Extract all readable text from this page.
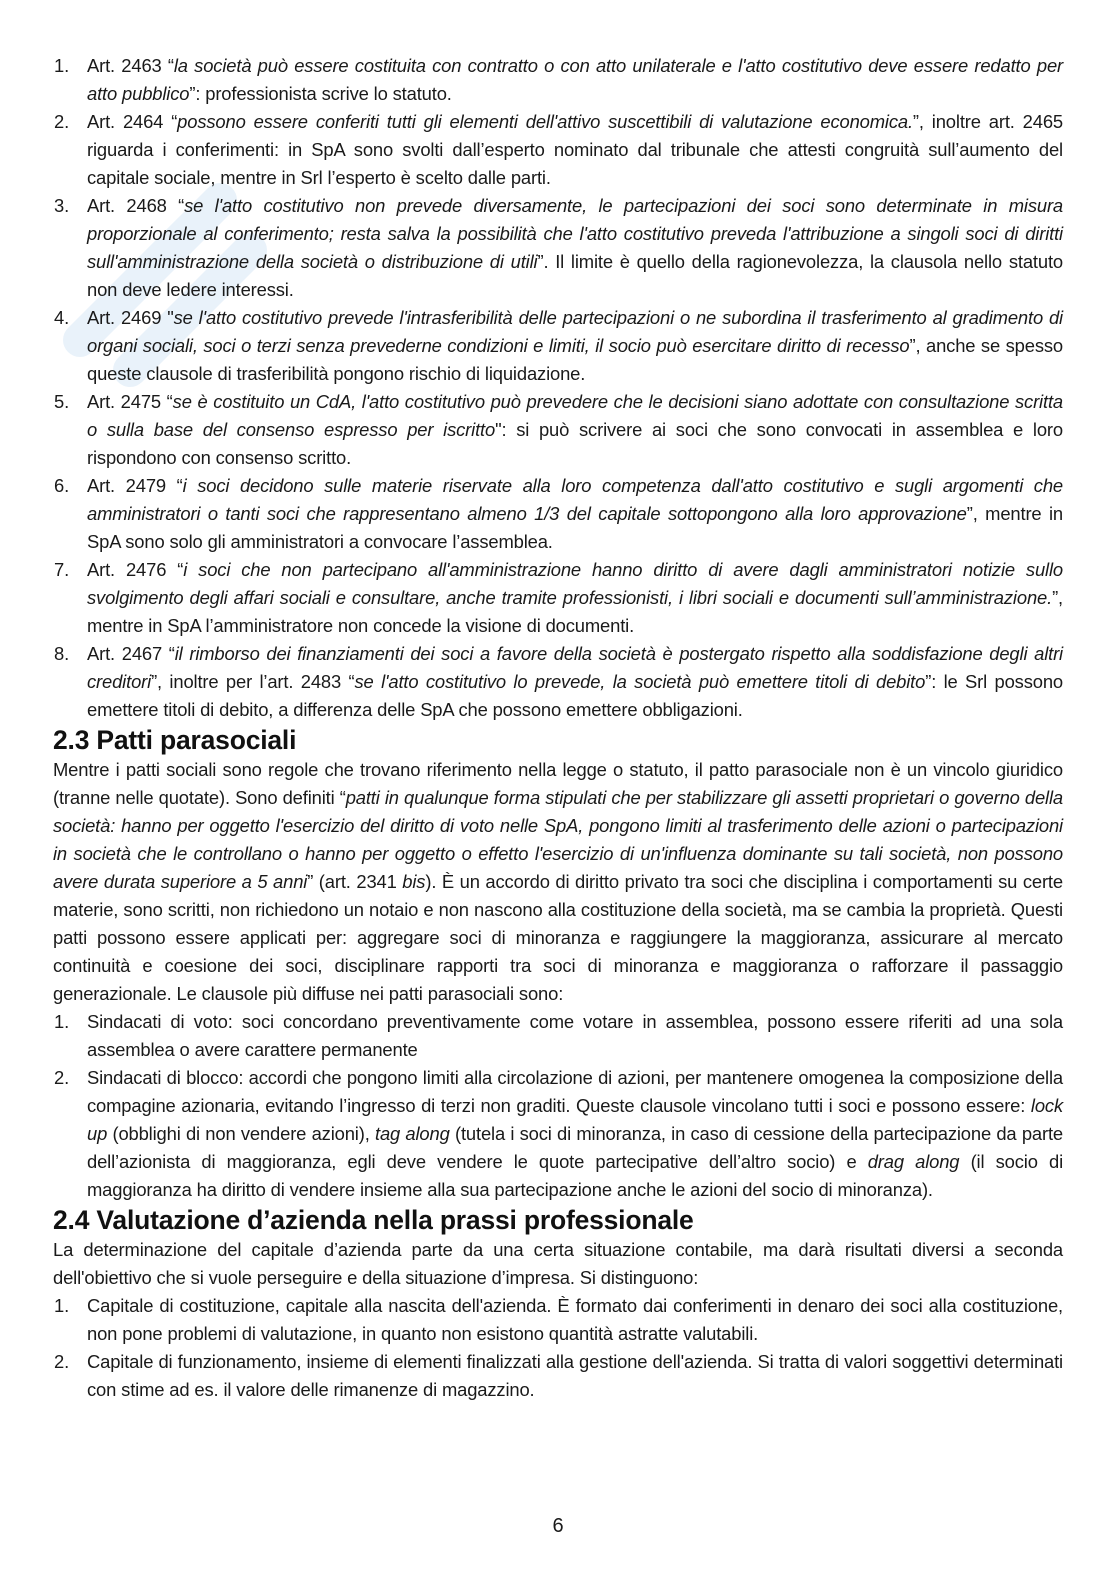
1. Art. 2463 “la società può essere costituita con contratto o con atto unilaterale e l'atto costitutivo deve essere redatto per atto pubblico”: professionista scrive lo statuto.
2. Art. 2464 “possono essere conferiti tutti gli elementi dell'attivo suscettibili di valutazione economica.”, inoltre art. 2465 riguarda i conferimenti: in SpA sono svolti dall’esperto nominato dal tribunale che attesti congruità sull’aumento del capitale sociale, mentre in Srl l’esperto è scelto dalle parti.
3. Art. 2468 “se l'atto costitutivo non prevede diversamente, le partecipazioni dei soci sono determinate in misura proporzionale al conferimento; resta salva la possibilità che l'atto costitutivo preveda l'attribuzione a singoli soci di diritti sull'amministrazione della società o distribuzione di utili”. Il limite è quello della ragionevolezza, la clausola nello statuto non deve ledere interessi.
4. Art. 2469 "se l'atto costitutivo prevede l'intrasferibilità delle partecipazioni o ne subordina il trasferimento al gradimento di organi sociali, soci o terzi senza prevederne condizioni e limiti, il socio può esercitare diritto di recesso”, anche se spesso queste clausole di trasferibilità pongono rischio di liquidazione.
5. Art. 2475 “se è costituito un CdA, l'atto costitutivo può prevedere che le decisioni siano adottate con consultazione scritta o sulla base del consenso espresso per iscritto": si può scrivere ai soci che sono convocati in assemblea e loro rispondono con consenso scritto.
6. Art. 2479 “i soci decidono sulle materie riservate alla loro competenza dall'atto costitutivo e sugli argomenti che amministratori o tanti soci che rappresentano almeno 1/3 del capitale sottopongono alla loro approvazione”, mentre in SpA sono solo gli amministratori a convocare l’assemblea.
7. Art. 2476 “i soci che non partecipano all'amministrazione hanno diritto di avere dagli amministratori notizie sullo svolgimento degli affari sociali e consultare, anche tramite professionisti, i libri sociali e documenti sull’amministrazione.”, mentre in SpA l’amministratore non concede la visione di documenti.
8. Art. 2467 “il rimborso dei finanziamenti dei soci a favore della società è postergato rispetto alla soddisfazione degli altri creditori”, inoltre per l’art. 2483 “se l'atto costitutivo lo prevede, la società può emettere titoli di debito”: le Srl possono emettere titoli di debito, a differenza delle SpA che possono emettere obbligazioni.
2.3 Patti parasociali

Mentre i patti sociali sono regole che trovano riferimento nella legge o statuto, il patto parasociale non è un vincolo giuridico (tranne nelle quotate). Sono definiti “patti in qualunque forma stipulati che per stabilizzare gli assetti proprietari o governo della società: hanno per oggetto l'esercizio del diritto di voto nelle SpA, pongono limiti al trasferimento delle azioni o partecipazioni in società che le controllano o hanno per oggetto o effetto l'esercizio di un'influenza dominante su tali società, non possono avere durata superiore a 5 anni” (art. 2341 bis). È un accordo di diritto privato tra soci che disciplina i comportamenti su certe materie, sono scritti, non richiedono un notaio e non nascono alla costituzione della società, ma se cambia la proprietà. Questi patti possono essere applicati per: aggregare soci di minoranza e raggiungere la maggioranza, assicurare al mercato continuità e coesione dei soci, disciplinare rapporti tra soci di minoranza e maggioranza o rafforzare il passaggio generazionale. Le clausole più diffuse nei patti parasociali sono:

1. Sindacati di voto: soci concordano preventivamente come votare in assemblea, possono essere riferiti ad una sola assemblea o avere carattere permanente
2. Sindacati di blocco: accordi che pongono limiti alla circolazione di azioni, per mantenere omogenea la composizione della compagine azionaria, evitando l’ingresso di terzi non graditi. Queste clausole vincolano tutti i soci e possono essere: lock up (obblighi di non vendere azioni), tag along (tutela i soci di minoranza, in caso di cessione della partecipazione da parte dell’azionista di maggioranza, egli deve vendere le quote partecipative dell’altro socio) e drag along (il socio di maggioranza ha diritto di vendere insieme alla sua partecipazione anche le azioni del socio di minoranza).
2.4 Valutazione d’azienda nella prassi professionale

La determinazione del capitale d’azienda parte da una certa situazione contabile, ma darà risultati diversi a seconda dell'obiettivo che si vuole perseguire e della situazione d’impresa. Si distinguono:

1. Capitale di costituzione, capitale alla nascita dell'azienda. È formato dai conferimenti in denaro dei soci alla costituzione, non pone problemi di valutazione, in quanto non esistono quantità astratte valutabili.
2. Capitale di funzionamento, insieme di elementi finalizzati alla gestione dell'azienda. Si tratta di valori soggettivi determinati con stime ad es. il valore delle rimanenze di magazzino.
6
